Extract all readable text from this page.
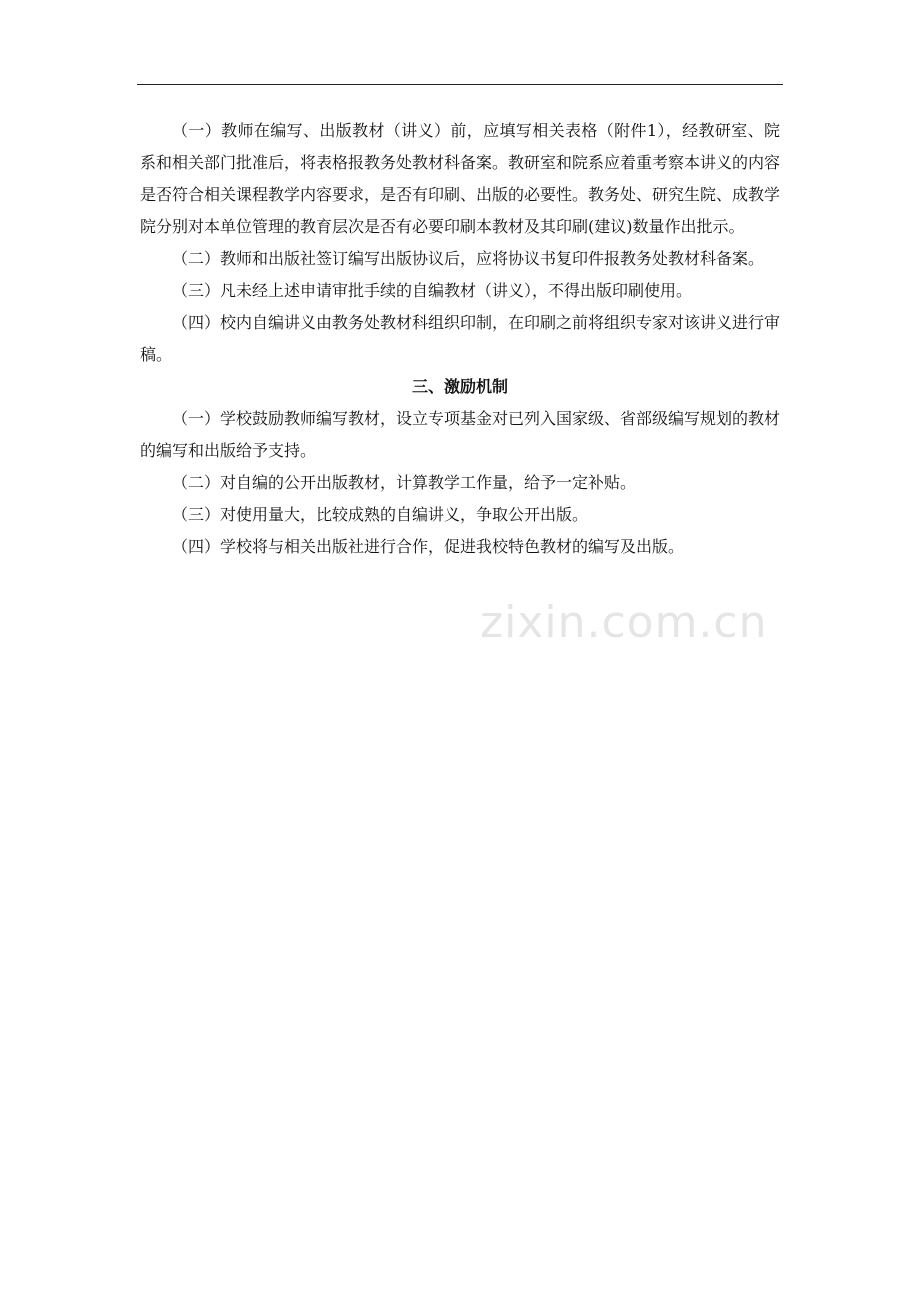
（一）教师在编写、出版教材（讲义）前，应填写相关表格（附件1），经教研室、院系和相关部门批准后，将表格报教务处教材科备案。教研室和院系应着重考察本讲义的内容是否符合相关课程教学内容要求，是否有印刷、出版的必要性。教务处、研究生院、成教学院分别对本单位管理的教育层次是否有必要印刷本教材及其印刷(建议)数量作出批示。

（二）教师和出版社签订编写出版协议后，应将协议书复印件报教务处教材科备案。

（三）凡未经上述申请审批手续的自编教材（讲义），不得出版印刷使用。

（四）校内自编讲义由教务处教材科组织印制，在印刷之前将组织专家对该讲义进行审稿。

三、激励机制

（一）学校鼓励教师编写教材，设立专项基金对已列入国家级、省部级编写规划的教材的编写和出版给予支持。

（二）对自编的公开出版教材，计算教学工作量，给予一定补贴。

（三）对使用量大，比较成熟的自编讲义，争取公开出版。

（四）学校将与相关出版社进行合作，促进我校特色教材的编写及出版。

zixin.com.cn
